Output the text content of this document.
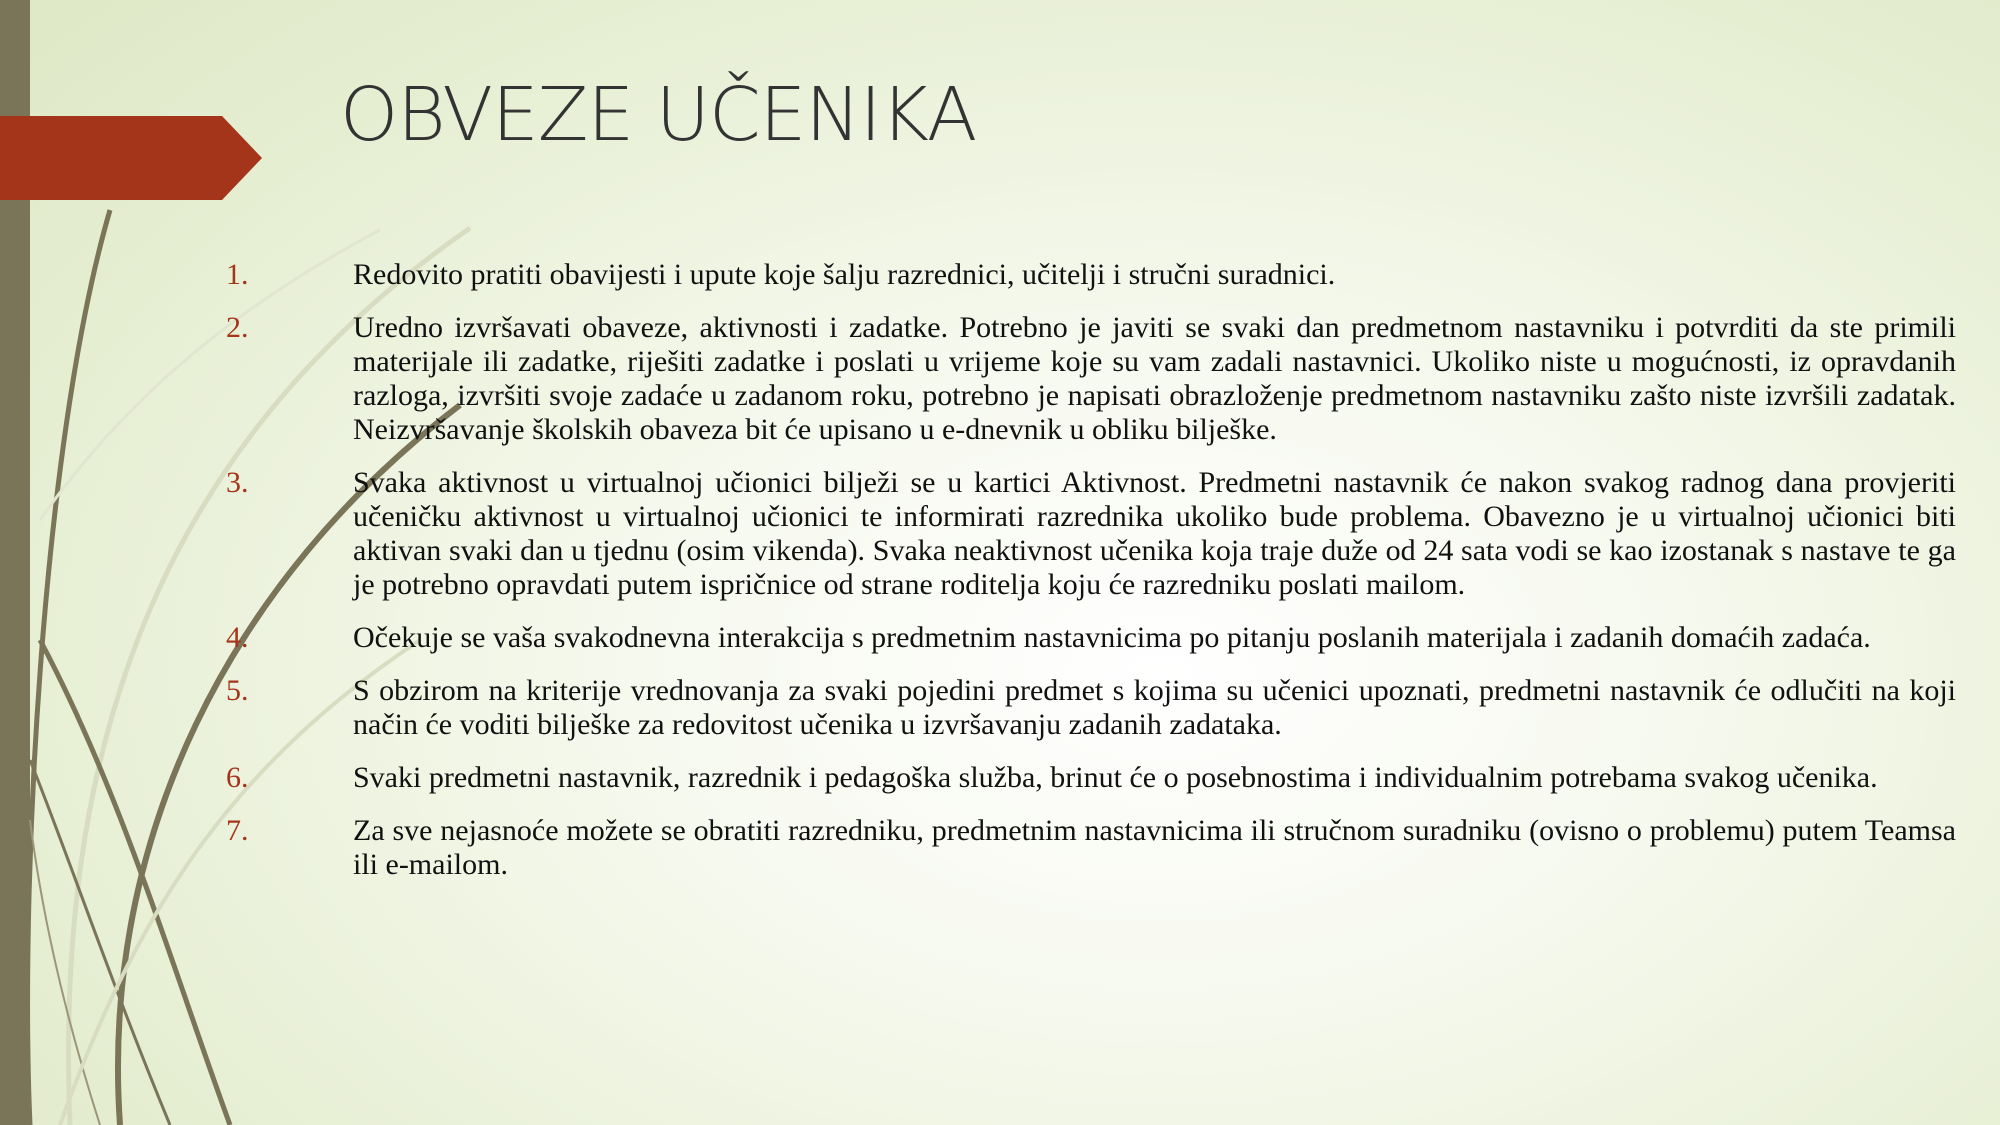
OBVEZE UČENIKA
1.	Redovito pratiti obavijesti i upute koje šalju razrednici, učitelji i stručni suradnici.
2.	Uredno izvršavati obaveze, aktivnosti i zadatke. Potrebno je javiti se svaki dan predmetnom nastavniku i potvrditi da ste primili materijale ili zadatke, riješiti zadatke i poslati u vrijeme koje su vam zadali nastavnici. Ukoliko niste u mogućnosti, iz opravdanih razloga, izvršiti svoje zadaće u zadanom roku, potrebno je napisati obrazloženje predmetnom nastavniku zašto niste izvršili zadatak. Neizvršavanje školskih obaveza bit će upisano u e-dnevnik u obliku bilješke.
3.	Svaka aktivnost u virtualnoj učionici bilježi se u kartici Aktivnost. Predmetni nastavnik će nakon svakog radnog dana provjeriti učeničku aktivnost u virtualnoj učionici te informirati razrednika ukoliko bude problema. Obavezno je u virtualnoj učionici biti aktivan svaki dan u tjednu (osim vikenda). Svaka neaktivnost učenika koja traje duže od 24 sata vodi se kao izostanak s nastave te ga je potrebno opravdati putem ispričnice od strane roditelja koju će razredniku poslati mailom.
4.	Očekuje se vaša svakodnevna interakcija s predmetnim nastavnicima po pitanju poslanih materijala i zadanih domaćih zadaća.
5.	S obzirom na kriterije vrednovanja za svaki pojedini predmet s kojima su učenici upoznati, predmetni nastavnik će odlučiti na koji način će voditi bilješke za redovitost učenika u izvršavanju zadanih zadataka.
6.	Svaki predmetni nastavnik, razrednik i pedagoška služba, brinut će o posebnostima i individualnim potrebama svakog učenika.
7.	Za sve nejasnoće možete se obratiti razredniku, predmetnim nastavnicima ili stručnom suradniku (ovisno o problemu) putem Teamsa ili e-mailom.
